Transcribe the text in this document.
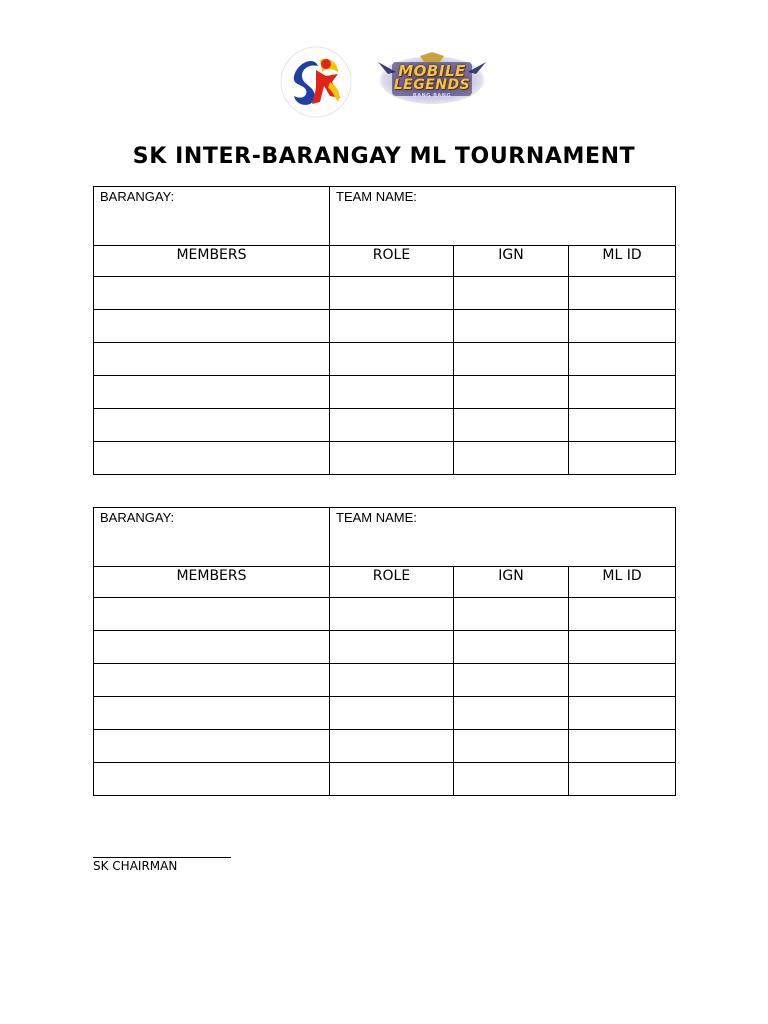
MOBILE
LEGENDS
BANG BANG
SK INTER-BARANGAY ML TOURNAMENT
BARANGAY:	TEAM NAME:		

MEMBERS	ROLE	IGN	ML ID

BARANGAY:	TEAM NAME:		

MEMBERS	ROLE	IGN	ML ID

SK CHAIRMAN
